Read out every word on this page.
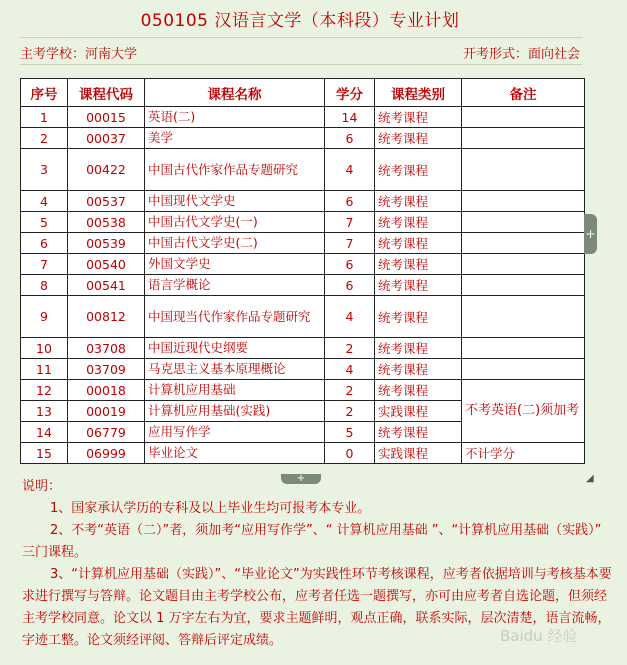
050105 汉语言文学（本科段）专业计划
主考学校：河南大学	开考形式：面向社会
序号	课程代码	课程名称	学分	课程类别	备注
1	00015	英语(二)	14	统考课程	
2	00037	美学	6	统考课程	
3	00422	中国古代作家作品专题研究	4	统考课程	
4	00537	中国现代文学史	6	统考课程	
5	00538	中国古代文学史(一)	7	统考课程	
6	00539	中国古代文学史(二)	7	统考课程	
7	00540	外国文学史	6	统考课程	
8	00541	语言学概论	6	统考课程	
9	00812	中国现当代作家作品专题研究	4	统考课程	
10	03708	中国近现代史纲要	2	统考课程	
11	03709	马克思主义基本原理概论	4	统考课程	
12	00018	计算机应用基础	2	统考课程	不考英语(二)须加考
13	00019	计算机应用基础(实践)	2	实践课程	
14	06779	应用写作学	5	统考课程	
15	06999	毕业论文	0	实践课程	不计学分
+
+	◢

说明：

1、国家承认学历的专科及以上毕业生均可报考本专业。

2、不考“英语（二）”者，须加考“应用写作学”、“ 计算机应用基础 ”、“计算机应用基础（实践）” 三门课程。

3、“计算机应用基础（实践）”、“毕业论文”为实践性环节考核课程，应考者依据培训与考核基本要求进行撰写与答辩。论文题目由主考学校公布，应考者任选一题撰写，亦可由应考者自选论题，但须经主考学校同意。论文以 1 万字左右为宜，要求主题鲜明，观点正确，联系实际，层次清楚，语言流畅，字迹工整。论文须经评阅、答辩后评定成绩。	Baidu 经验
